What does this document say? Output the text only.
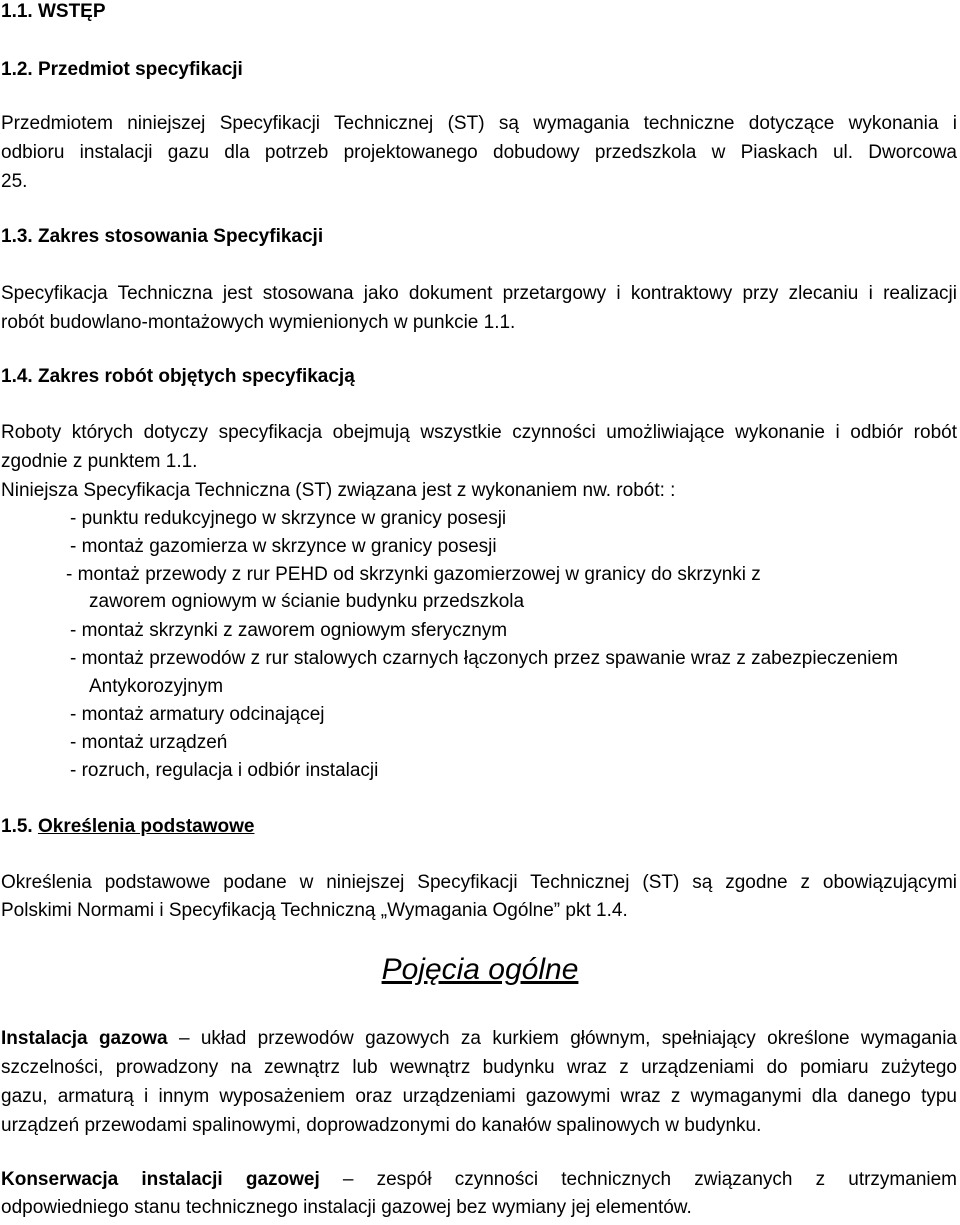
1.1. WSTĘP
1.2. Przedmiot specyfikacji
Przedmiotem niniejszej Specyfikacji Technicznej (ST) są wymagania techniczne dotyczące wykonania i
odbioru instalacji gazu dla potrzeb projektowanego dobudowy przedszkola w Piaskach ul. Dworcowa
25.
1.3. Zakres stosowania Specyfikacji
Specyfikacja Techniczna jest stosowana jako dokument przetargowy i kontraktowy przy zlecaniu i realizacji
robót budowlano-montażowych wymienionych w punkcie 1.1.
1.4. Zakres robót objętych specyfikacją
Roboty których dotyczy specyfikacja obejmują wszystkie czynności umożliwiające wykonanie i odbiór robót
zgodnie z punktem 1.1.
Niniejsza Specyfikacja Techniczna (ST) związana jest z wykonaniem nw. robót: :
- punktu redukcyjnego w skrzynce w granicy posesji
- montaż gazomierza w skrzynce w granicy posesji
- montaż przewody z rur PEHD od skrzynki gazomierzowej w granicy do skrzynki z
zaworem ogniowym w ścianie budynku przedszkola
- montaż skrzynki z zaworem ogniowym sferycznym
- montaż przewodów z rur stalowych czarnych łączonych przez spawanie wraz z zabezpieczeniem
Antykorozyjnym
- montaż armatury odcinającej
- montaż urządzeń
- rozruch, regulacja i odbiór instalacji
1.5. Określenia podstawowe
Określenia podstawowe podane w niniejszej Specyfikacji Technicznej (ST) są zgodne z obowiązującymi
Polskimi Normami i Specyfikacją Techniczną „Wymagania Ogólne” pkt 1.4.
Pojęcia ogólne
Instalacja gazowa – układ przewodów gazowych za kurkiem głównym, spełniający określone wymagania
szczelności, prowadzony na zewnątrz lub wewnątrz budynku wraz z urządzeniami do pomiaru zużytego
gazu, armaturą i innym wyposażeniem oraz urządzeniami gazowymi wraz z wymaganymi dla danego typu
urządzeń przewodami spalinowymi, doprowadzonymi do kanałów spalinowych w budynku.
Konserwacja instalacji gazowej – zespół czynności technicznych związanych z utrzymaniem
odpowiedniego stanu technicznego instalacji gazowej bez wymiany jej elementów.
